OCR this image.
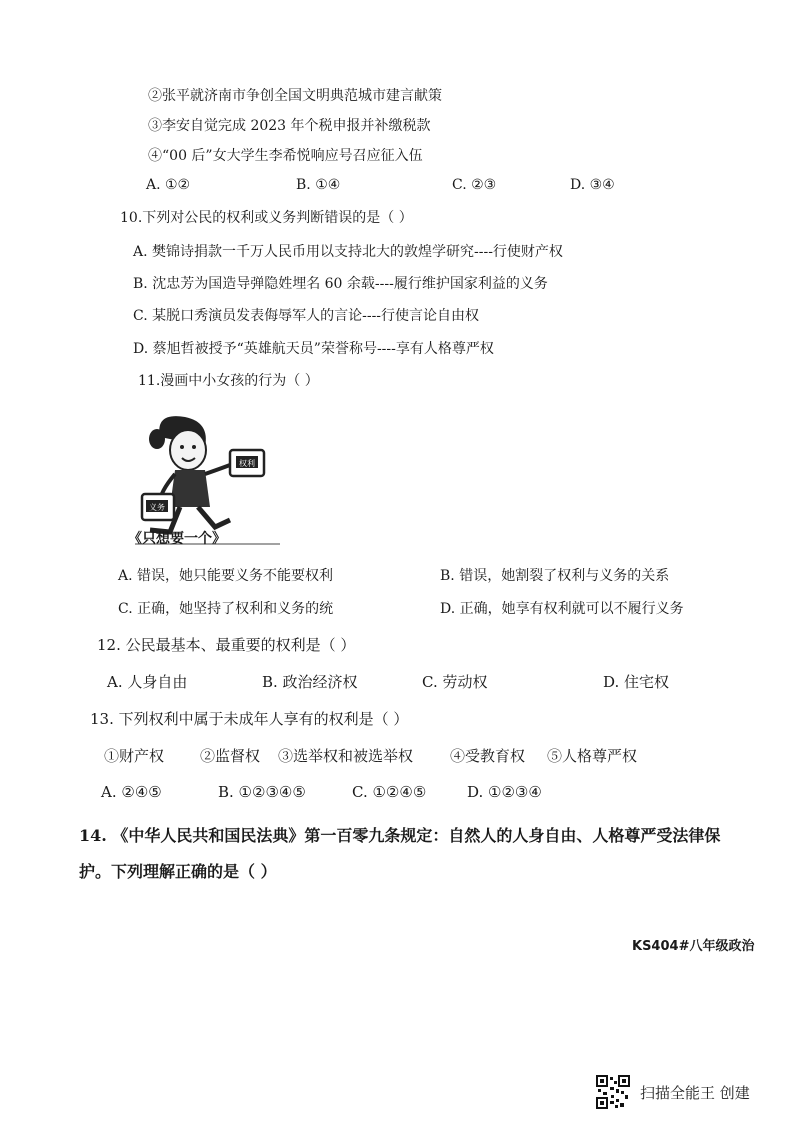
②张平就济南市争创全国文明典范城市建言献策
③李安自觉完成 2023 年个税申报并补缴税款
④“00 后”女大学生李希悦响应号召应征入伍
A. ①②	B. ①④	C. ②③	D. ③④
10.下列对公民的权利或义务判断错误的是（ ）
A. 樊锦诗捐款一千万人民币用以支持北大的敦煌学研究----行使财产权
B. 沈忠芳为国造导弹隐姓埋名 60 余载----履行维护国家利益的义务
C. 某脱口秀演员发表侮辱军人的言论----行使言论自由权
D. 蔡旭哲被授予“英雄航天员”荣誉称号----享有人格尊严权
11.漫画中小女孩的行为（ ）
权利
义务
《只想要一个》
A. 错误，她只能要义务不能要权利	B. 错误，她割裂了权利与义务的关系
C. 正确，她坚持了权利和义务的统	D. 正确，她享有权利就可以不履行义务
12. 公民最基本、最重要的权利是（ ）
A. 人身自由	B. 政治经济权	C. 劳动权	D. 住宅权
13. 下列权利中属于未成年人享有的权利是（ ）
①财产权 ②监督权 ③选举权和被选举权 ④受教育权 ⑤人格尊严权
A. ②④⑤	B. ①②③④⑤	C. ①②④⑤	D. ①②③④
14. 《中华人民共和国民法典》第一百零九条规定：自然人的人身自由、人格尊严受法律保
护。下列理解正确的是（ ）
KS404#八年级政治
扫描全能王 创建
